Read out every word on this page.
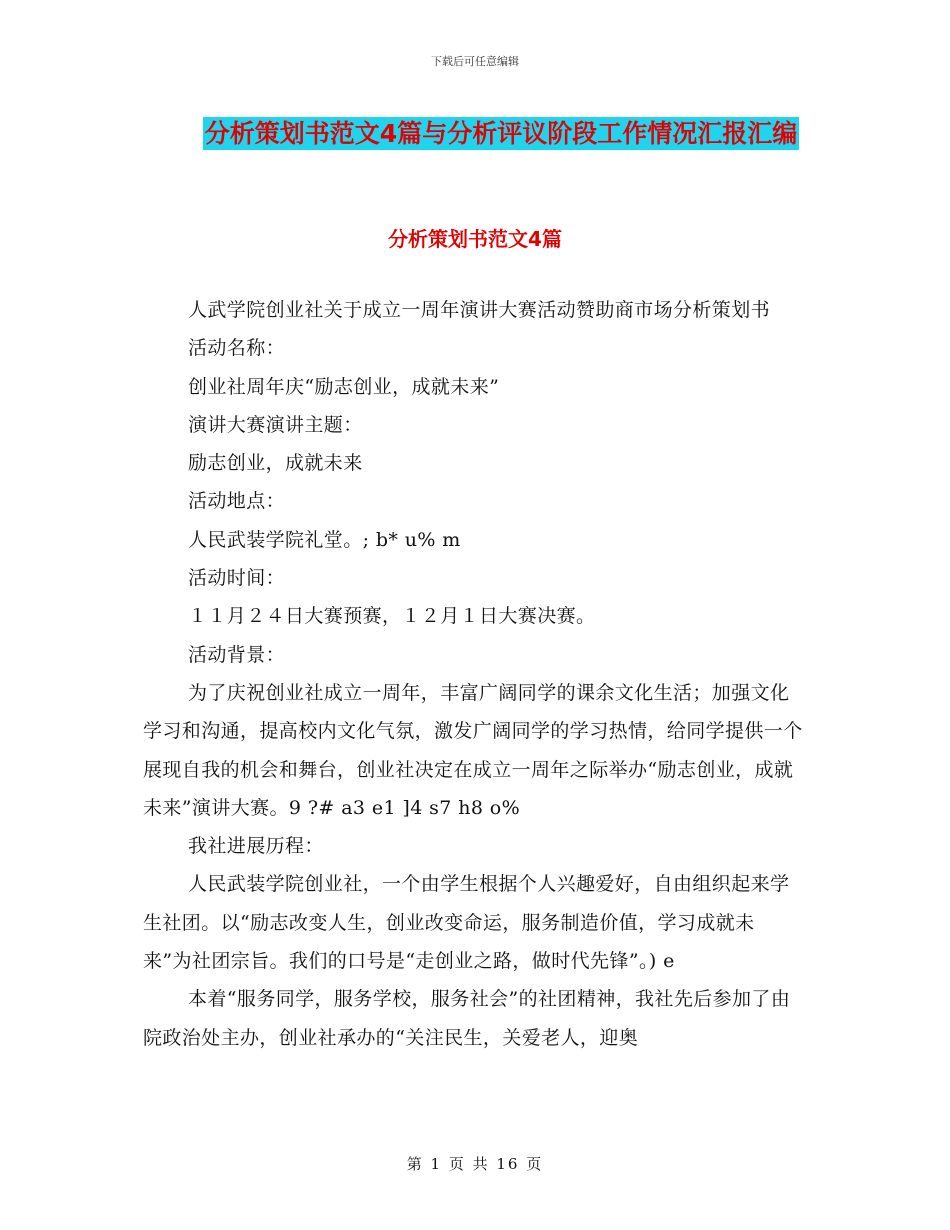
下载后可任意编辑
分析策划书范文4篇与分析评议阶段工作情况汇报汇编
分析策划书范文4篇

人武学院创业社关于成立一周年演讲大赛活动赞助商市场分析策划书

活动名称：

创业社周年庆“励志创业，成就未来”

演讲大赛演讲主题：

励志创业，成就未来

活动地点：

人民武装学院礼堂。; b* u% m

活动时间：

１１月２４日大赛预赛，１２月１日大赛决赛。

活动背景：

为了庆祝创业社成立一周年，丰富广阔同学的课余文化生活；加强文化学习和沟通，提高校内文化气氛，激发广阔同学的学习热情，给同学提供一个展现自我的机会和舞台，创业社决定在成立一周年之际举办“励志创业，成就未来”演讲大赛。9 ?# a3 e1 ]4 s7 h8 o%

我社进展历程：

人民武装学院创业社，一个由学生根据个人兴趣爱好，自由组织起来学生社团。以“励志改变人生，创业改变命运，服务制造价值，学习成就未来”为社团宗旨。我们的口号是“走创业之路，做时代先锋”。) e

本着“服务同学，服务学校，服务社会”的社团精神，我社先后参加了由院政治处主办，创业社承办的“关注民生，关爱老人，迎奥

第 1 页 共 16 页
